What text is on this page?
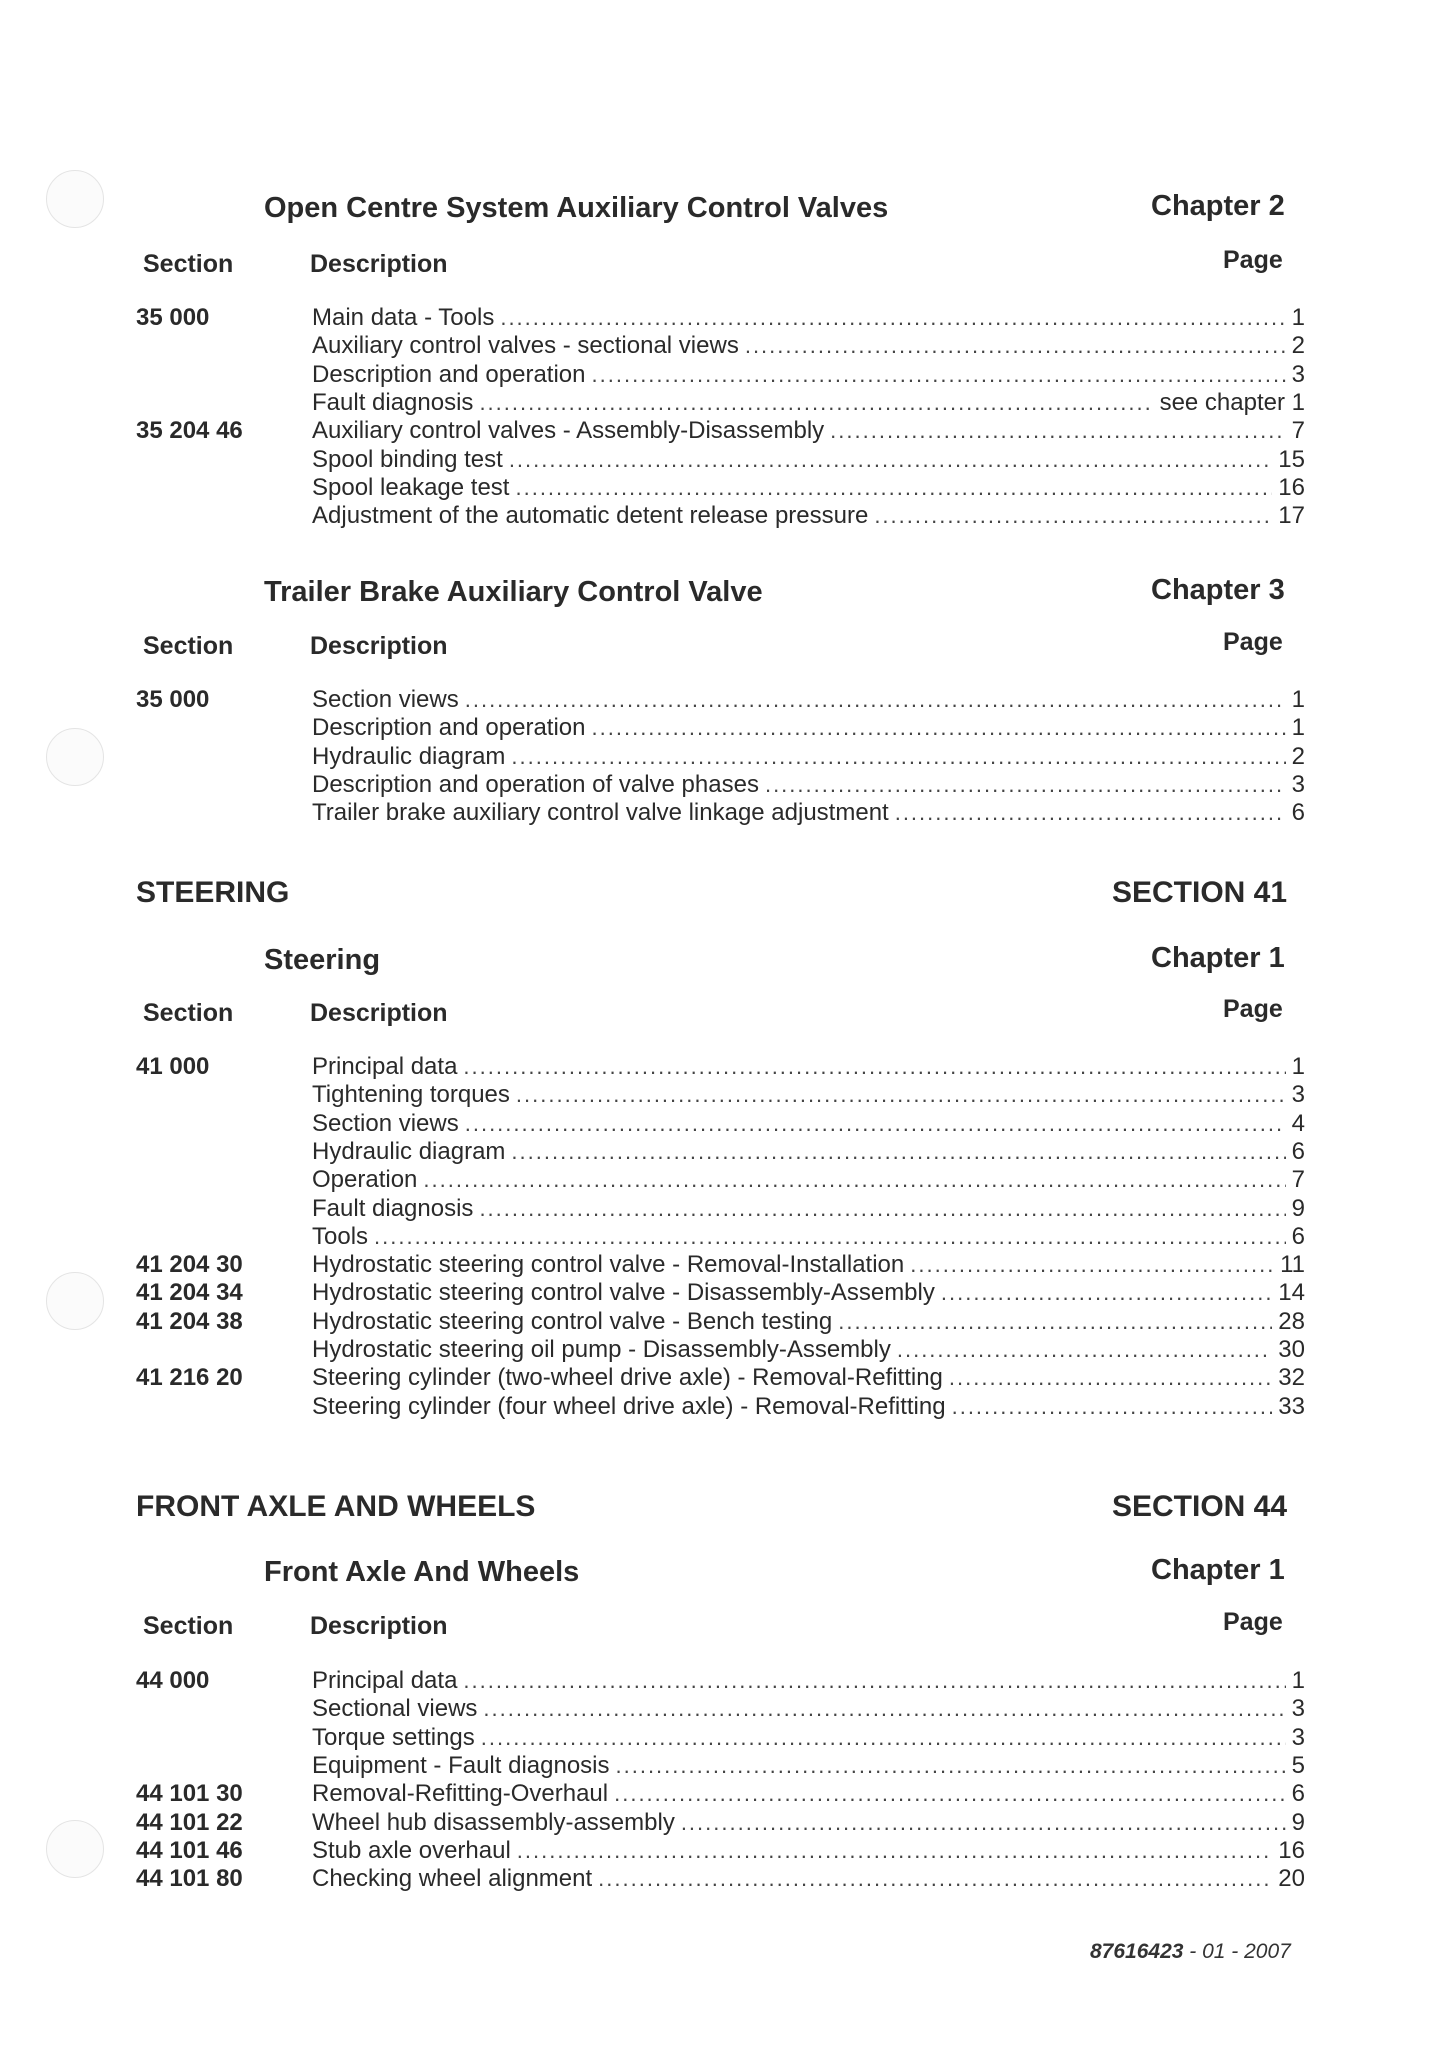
Open Centre System Auxiliary Control Valves	Chapter 2
Section	Description	Page
35 000	Main data - Tools .....	1
Auxiliary control valves - sectional views .....	2
Description and operation .....	3
Fault diagnosis .....	see chapter 1
35 204 46	Auxiliary control valves - Assembly-Disassembly .....	7
Spool binding test .....	15
Spool leakage test .....	16
Adjustment of the automatic detent release pressure .....	17
Trailer Brake Auxiliary Control Valve	Chapter 3
Section	Description	Page
35 000	Section views .....	1
Description and operation .....	1
Hydraulic diagram .....	2
Description and operation of valve phases .....	3
Trailer brake auxiliary control valve linkage adjustment .....	6
STEERING	SECTION 41
Steering	Chapter 1
Section	Description	Page
41 000	Principal data .....	1
Tightening torques .....	3
Section views .....	4
Hydraulic diagram .....	6
Operation .....	7
Fault diagnosis .....	9
Tools .....	6
41 204 30	Hydrostatic steering control valve - Removal-Installation .....	11
41 204 34	Hydrostatic steering control valve - Disassembly-Assembly .....	14
41 204 38	Hydrostatic steering control valve - Bench testing .....	28
Hydrostatic steering oil pump - Disassembly-Assembly .....	30
41 216 20	Steering cylinder (two-wheel drive axle) - Removal-Refitting .....	32
Steering cylinder (four wheel drive axle) - Removal-Refitting .....	33
FRONT AXLE AND WHEELS	SECTION 44
Front Axle And Wheels	Chapter 1
Section	Description	Page
44 000	Principal data .....	1
Sectional views .....	3
Torque settings .....	3
Equipment - Fault diagnosis .....	5
44 101 30	Removal-Refitting-Overhaul .....	6
44 101 22	Wheel hub disassembly-assembly .....	9
44 101 46	Stub axle overhaul .....	16
44 101 80	Checking wheel alignment .....	20
87616423 - 01 - 2007
